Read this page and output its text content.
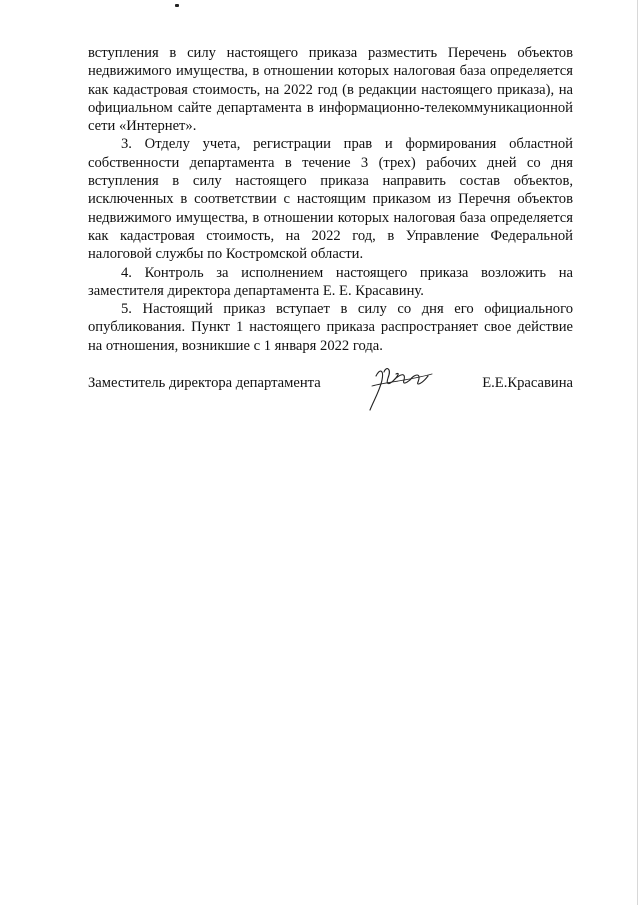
вступления в силу настоящего приказа разместить Перечень объектов недвижимого имущества, в отношении которых налоговая база определяется как кадастровая стоимость, на 2022 год (в редакции настоящего приказа), на официальном сайте департамента в информационно-телекоммуникационной сети «Интернет».

3. Отделу учета, регистрации прав и формирования областной собственности департамента в течение 3 (трех) рабочих дней со дня вступления в силу настоящего приказа направить состав объектов, исключенных в соответствии с настоящим приказом из Перечня объектов недвижимого имущества, в отношении которых налоговая база определяется как кадастровая стоимость, на 2022 год, в Управление Федеральной налоговой службы по Костромской области.

4. Контроль за исполнением настоящего приказа возложить на заместителя директора департамента Е. Е. Красавину.

5. Настоящий приказ вступает в силу со дня его официального опубликования. Пункт 1 настоящего приказа распространяет свое действие на отношения, возникшие с 1 января 2022 года.

Заместитель директора департамента	Е.Е.Красавина
